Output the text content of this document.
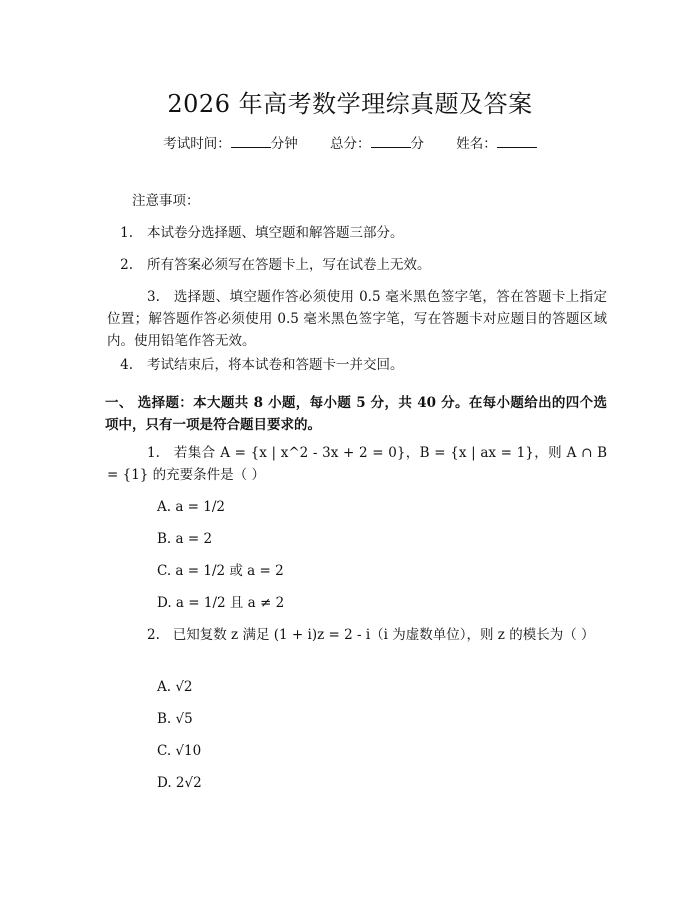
2026 年高考数学理综真题及答案
考试时间：	分钟 总分：	分 姓名：
注意事项：
1. 本试卷分选择题、填空题和解答题三部分。
2. 所有答案必须写在答题卡上，写在试卷上无效。
3. 选择题、填空题作答必须使用 0.5 毫米黑色签字笔，答在答题卡上指定位置；解答题作答必须使用 0.5 毫米黑色签字笔，写在答题卡对应题目的答题区域内。使用铅笔作答无效。
4. 考试结束后，将本试卷和答题卡一并交回。
一、 选择题：本大题共 8 小题，每小题 5 分，共 40 分。在每小题给出的四个选项中，只有一项是符合题目要求的。
1. 若集合 A = {x | x^2 - 3x + 2 = 0}，B = {x | ax = 1}，则 A ∩ B = {1} 的充要条件是（ ）
A. a = 1/2
B. a = 2
C. a = 1/2 或 a = 2
D. a = 1/2 且 a ≠ 2
2. 已知复数 z 满足 (1 + i)z = 2 - i（i 为虚数单位），则 z 的模长为（ ）
A. √2
B. √5
C. √10
D. 2√2
